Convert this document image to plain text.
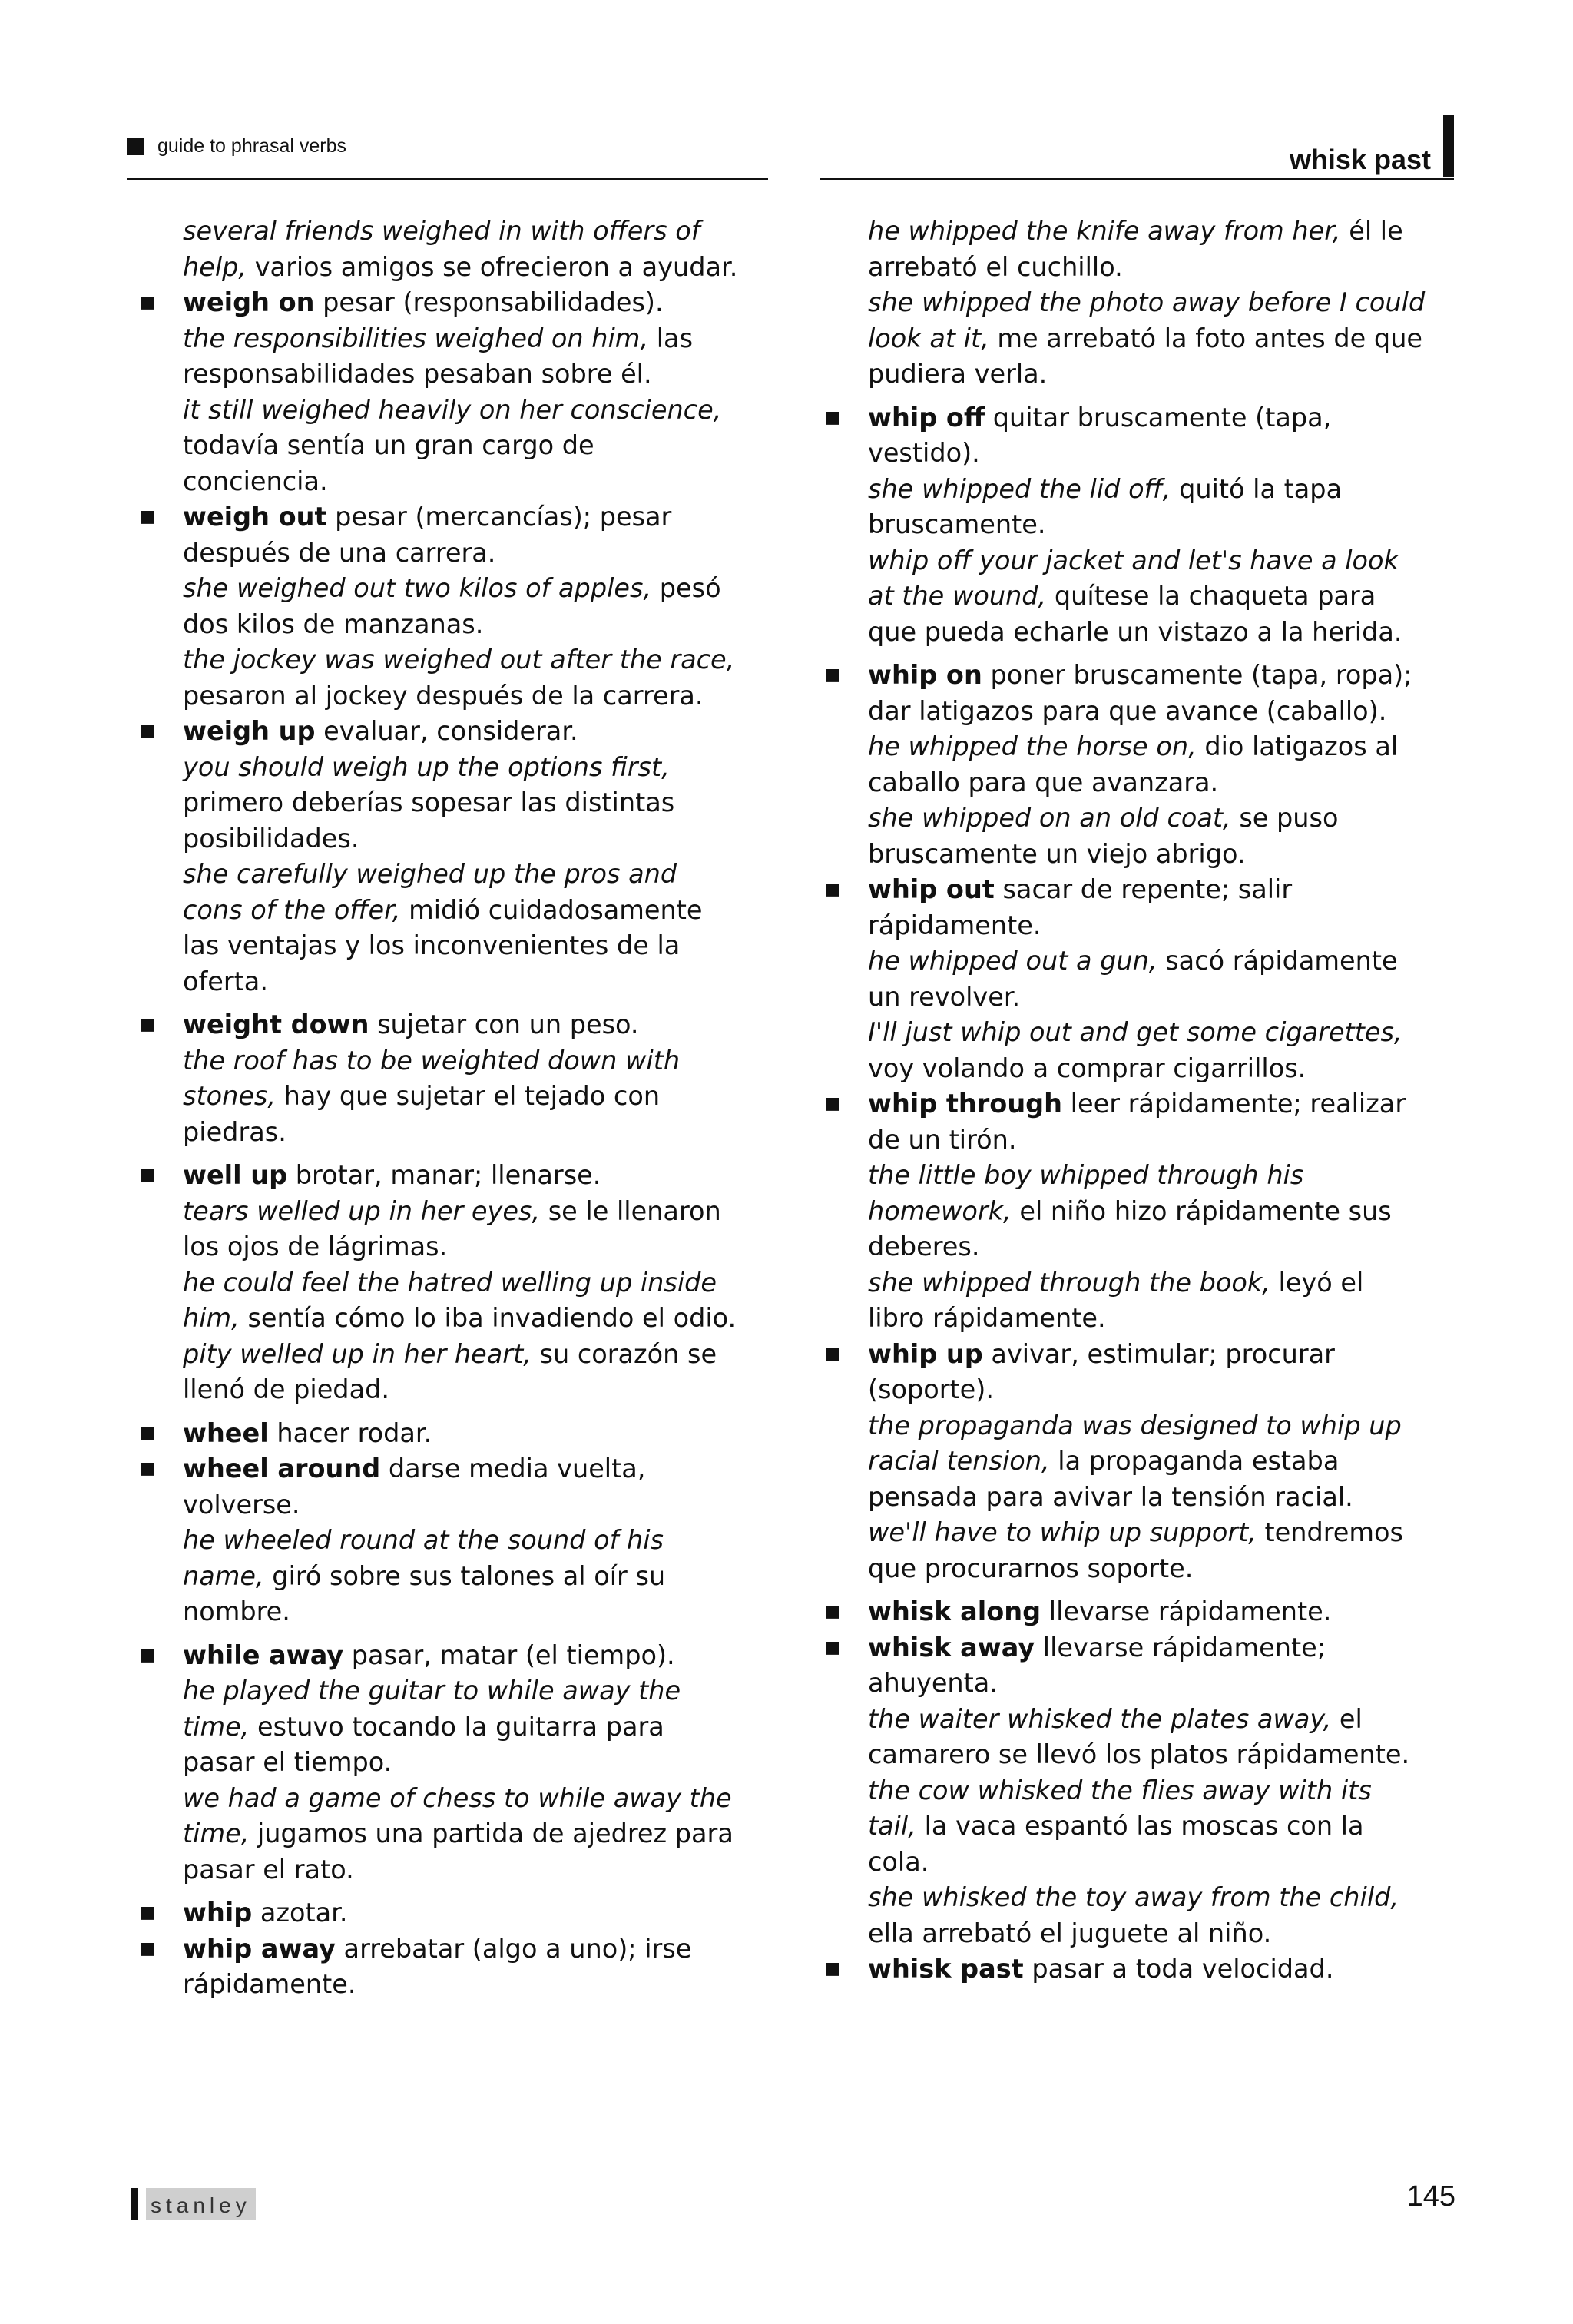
guide to phrasal verbs	whisk past
several friends weighed in with offers of help, varios amigos se ofrecieron a ayudar.
■	weigh on pesar (responsabilidades).
the responsibilities weighed on him, las responsabilidades pesaban sobre él.
it still weighed heavily on her conscience, todavía sentía un gran cargo de conciencia.
■	weigh out pesar (mercancías); pesar después de una carrera.
she weighed out two kilos of apples, pesó dos kilos de manzanas.
the jockey was weighed out after the race, pesaron al jockey después de la carrera.
■	weigh up evaluar, considerar.
you should weigh up the options first, primero deberías sopesar las distintas posibilidades.
she carefully weighed up the pros and cons of the offer, midió cuidadosamente las ventajas y los inconvenientes de la oferta.
■	weight down sujetar con un peso.
the roof has to be weighted down with stones, hay que sujetar el tejado con piedras.
■	well up brotar, manar; llenarse.
tears welled up in her eyes, se le llenaron los ojos de lágrimas.
he could feel the hatred welling up inside him, sentía cómo lo iba invadiendo el odio.
pity welled up in her heart, su corazón se llenó de piedad.
■	wheel hacer rodar.
■	wheel around darse media vuelta, volverse.
he wheeled round at the sound of his name, giró sobre sus talones al oír su nombre.
■	while away pasar, matar (el tiempo).
he played the guitar to while away the time, estuvo tocando la guitarra para pasar el tiempo.
we had a game of chess to while away the time, jugamos una partida de ajedrez para pasar el rato.
■	whip azotar.
■	whip away arrebatar (algo a uno); irse rápidamente.
he whipped the knife away from her, él le arrebató el cuchillo.
she whipped the photo away before I could look at it, me arrebató la foto antes de que pudiera verla.
■	whip off quitar bruscamente (tapa, vestido).
she whipped the lid off, quitó la tapa bruscamente.
whip off your jacket and let's have a look at the wound, quítese la chaqueta para que pueda echarle un vistazo a la herida.
■	whip on poner bruscamente (tapa, ropa); dar latigazos para que avance (caballo).
he whipped the horse on, dio latigazos al caballo para que avanzara.
she whipped on an old coat, se puso bruscamente un viejo abrigo.
■	whip out sacar de repente; salir rápidamente.
he whipped out a gun, sacó rápidamente un revolver.
I'll just whip out and get some cigarettes, voy volando a comprar cigarrillos.
■	whip through leer rápidamente; realizar de un tirón.
the little boy whipped through his homework, el niño hizo rápidamente sus deberes.
she whipped through the book, leyó el libro rápidamente.
■	whip up avivar, estimular; procurar (soporte).
the propaganda was designed to whip up racial tension, la propaganda estaba pensada para avivar la tensión racial.
we'll have to whip up support, tendremos que procurarnos soporte.
■	whisk along llevarse rápidamente.
■	whisk away llevarse rápidamente; ahuyenta.
the waiter whisked the plates away, el camarero se llevó los platos rápidamente.
the cow whisked the flies away with its tail, la vaca espantó las moscas con la cola.
she whisked the toy away from the child, ella arrebató el juguete al niño.
■	whisk past pasar a toda velocidad.
stanley	145
